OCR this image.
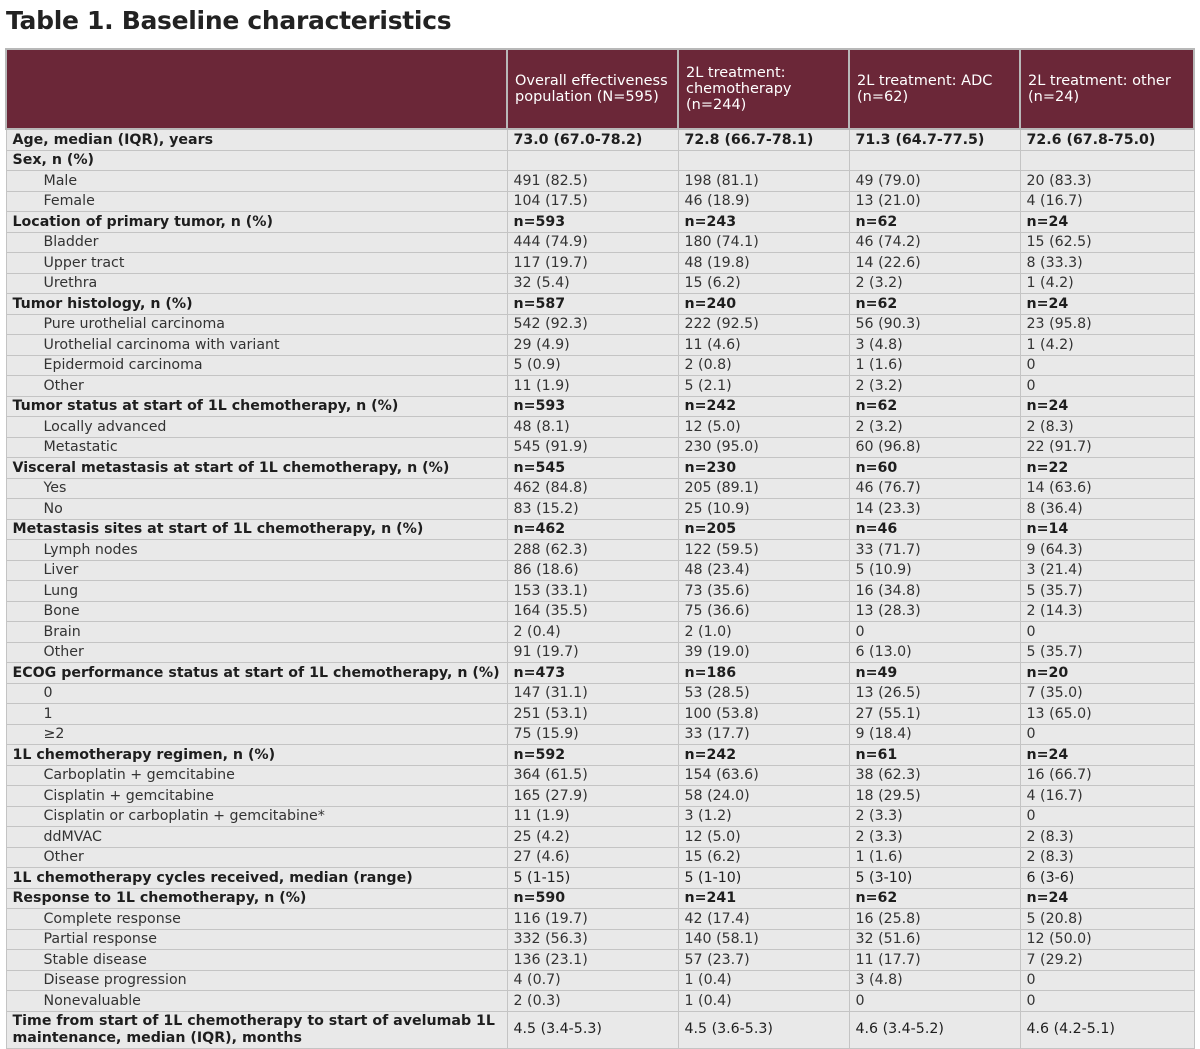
Table 1. Baseline characteristics
	Overall effectiveness population (N=595)	2L treatment: chemotherapy (n=244)	2L treatment: ADC (n=62)	2L treatment: other (n=24)
Age, median (IQR), years	73.0 (67.0-78.2)	72.8 (66.7-78.1)	71.3 (64.7-77.5)	72.6 (67.8-75.0)
Sex, n (%)				
Male	491 (82.5)	198 (81.1)	49 (79.0)	20 (83.3)
Female	104 (17.5)	46 (18.9)	13 (21.0)	4 (16.7)
Location of primary tumor, n (%)	n=593	n=243	n=62	n=24
Bladder	444 (74.9)	180 (74.1)	46 (74.2)	15 (62.5)
Upper tract	117 (19.7)	48 (19.8)	14 (22.6)	8 (33.3)
Urethra	32 (5.4)	15 (6.2)	2 (3.2)	1 (4.2)
Tumor histology, n (%)	n=587	n=240	n=62	n=24
Pure urothelial carcinoma	542 (92.3)	222 (92.5)	56 (90.3)	23 (95.8)
Urothelial carcinoma with variant	29 (4.9)	11 (4.6)	3 (4.8)	1 (4.2)
Epidermoid carcinoma	5 (0.9)	2 (0.8)	1 (1.6)	0
Other	11 (1.9)	5 (2.1)	2 (3.2)	0
Tumor status at start of 1L chemotherapy, n (%)	n=593	n=242	n=62	n=24
Locally advanced	48 (8.1)	12 (5.0)	2 (3.2)	2 (8.3)
Metastatic	545 (91.9)	230 (95.0)	60 (96.8)	22 (91.7)
Visceral metastasis at start of 1L chemotherapy, n (%)	n=545	n=230	n=60	n=22
Yes	462 (84.8)	205 (89.1)	46 (76.7)	14 (63.6)
No	83 (15.2)	25 (10.9)	14 (23.3)	8 (36.4)
Metastasis sites at start of 1L chemotherapy, n (%)	n=462	n=205	n=46	n=14
Lymph nodes	288 (62.3)	122 (59.5)	33 (71.7)	9 (64.3)
Liver	86 (18.6)	48 (23.4)	5 (10.9)	3 (21.4)
Lung	153 (33.1)	73 (35.6)	16 (34.8)	5 (35.7)
Bone	164 (35.5)	75 (36.6)	13 (28.3)	2 (14.3)
Brain	2 (0.4)	2 (1.0)	0	0
Other	91 (19.7)	39 (19.0)	6 (13.0)	5 (35.7)
ECOG performance status at start of 1L chemotherapy, n (%)	n=473	n=186	n=49	n=20
0	147 (31.1)	53 (28.5)	13 (26.5)	7 (35.0)
1	251 (53.1)	100 (53.8)	27 (55.1)	13 (65.0)
≥2	75 (15.9)	33 (17.7)	9 (18.4)	0
1L chemotherapy regimen, n (%)	n=592	n=242	n=61	n=24
Carboplatin + gemcitabine	364 (61.5)	154 (63.6)	38 (62.3)	16 (66.7)
Cisplatin + gemcitabine	165 (27.9)	58 (24.0)	18 (29.5)	4 (16.7)
Cisplatin or carboplatin + gemcitabine*	11 (1.9)	3 (1.2)	2 (3.3)	0
ddMVAC	25 (4.2)	12 (5.0)	2 (3.3)	2 (8.3)
Other	27 (4.6)	15 (6.2)	1 (1.6)	2 (8.3)
1L chemotherapy cycles received, median (range)	5 (1-15)	5 (1-10)	5 (3-10)	6 (3-6)
Response to 1L chemotherapy, n (%)	n=590	n=241	n=62	n=24
Complete response	116 (19.7)	42 (17.4)	16 (25.8)	5 (20.8)
Partial response	332 (56.3)	140 (58.1)	32 (51.6)	12 (50.0)
Stable disease	136 (23.1)	57 (23.7)	11 (17.7)	7 (29.2)
Disease progression	4 (0.7)	1 (0.4)	3 (4.8)	0
Nonevaluable	2 (0.3)	1 (0.4)	0	0
Time from start of 1L chemotherapy to start of avelumab 1L maintenance, median (IQR), months	4.5 (3.4-5.3)	4.5 (3.6-5.3)	4.6 (3.4-5.2)	4.6 (4.2-5.1)
